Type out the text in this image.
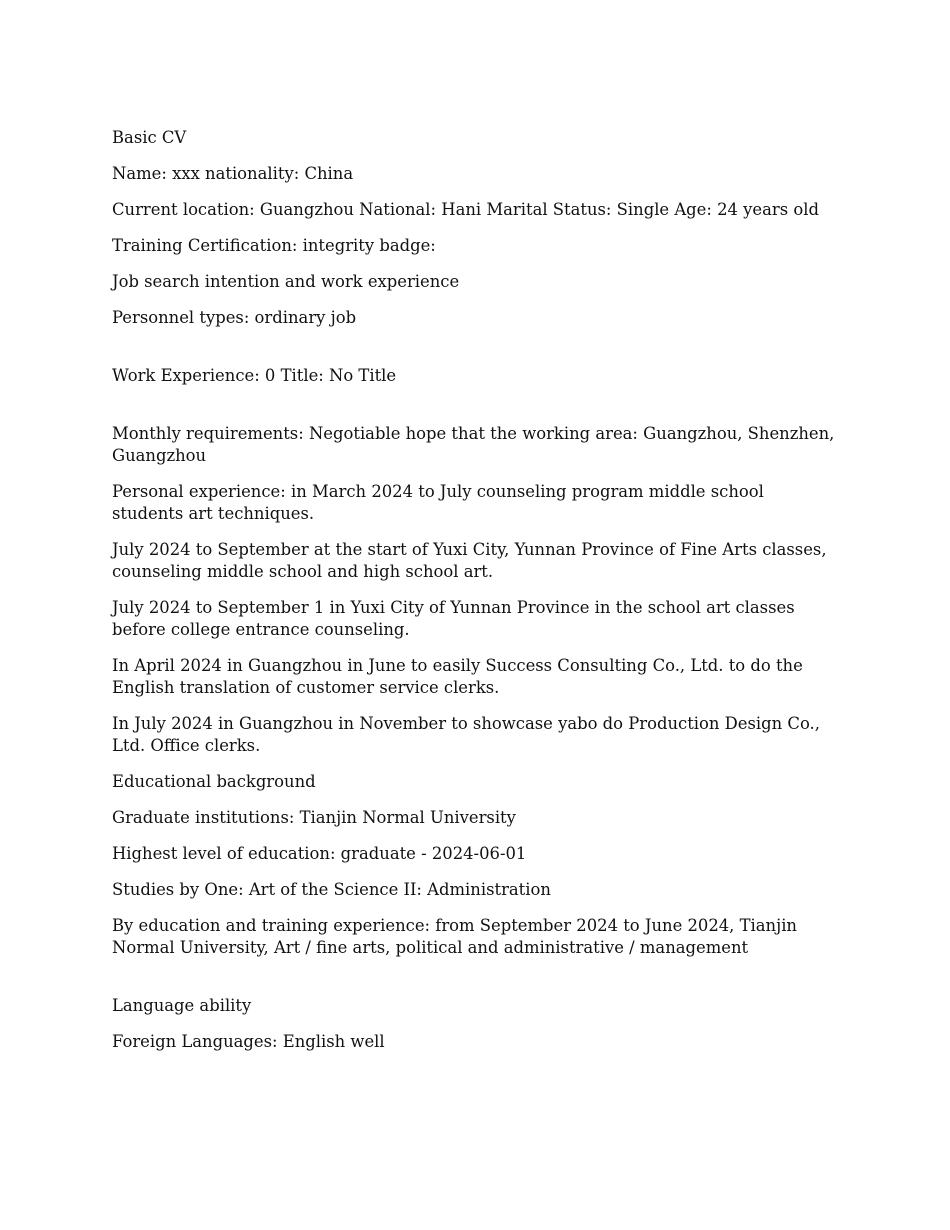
Basic CV

Name: xxx nationality: China

Current location: Guangzhou National: Hani Marital Status: Single Age: 24 years old

Training Certification: integrity badge:

Job search intention and work experience

Personnel types: ordinary job

Work Experience: 0 Title: No Title

Monthly requirements: Negotiable hope that the working area: Guangzhou, Shenzhen, Guangzhou

Personal experience: in March 2024 to July counseling program middle school students art techniques.

July 2024 to September at the start of Yuxi City, Yunnan Province of Fine Arts classes, counseling middle school and high school art.

July 2024 to September 1 in Yuxi City of Yunnan Province in the school art classes before college entrance counseling.

In April 2024 in Guangzhou in June to easily Success Consulting Co., Ltd. to do the English translation of customer service clerks.

In July 2024 in Guangzhou in November to showcase yabo do Production Design Co., Ltd. Office clerks.

Educational background

Graduate institutions: Tianjin Normal University

Highest level of education: graduate - 2024-06-01

Studies by One: Art of the Science II: Administration

By education and training experience: from September 2024 to June 2024, Tianjin Normal University, Art / fine arts, political and administrative / management

Language ability

Foreign Languages: English well
